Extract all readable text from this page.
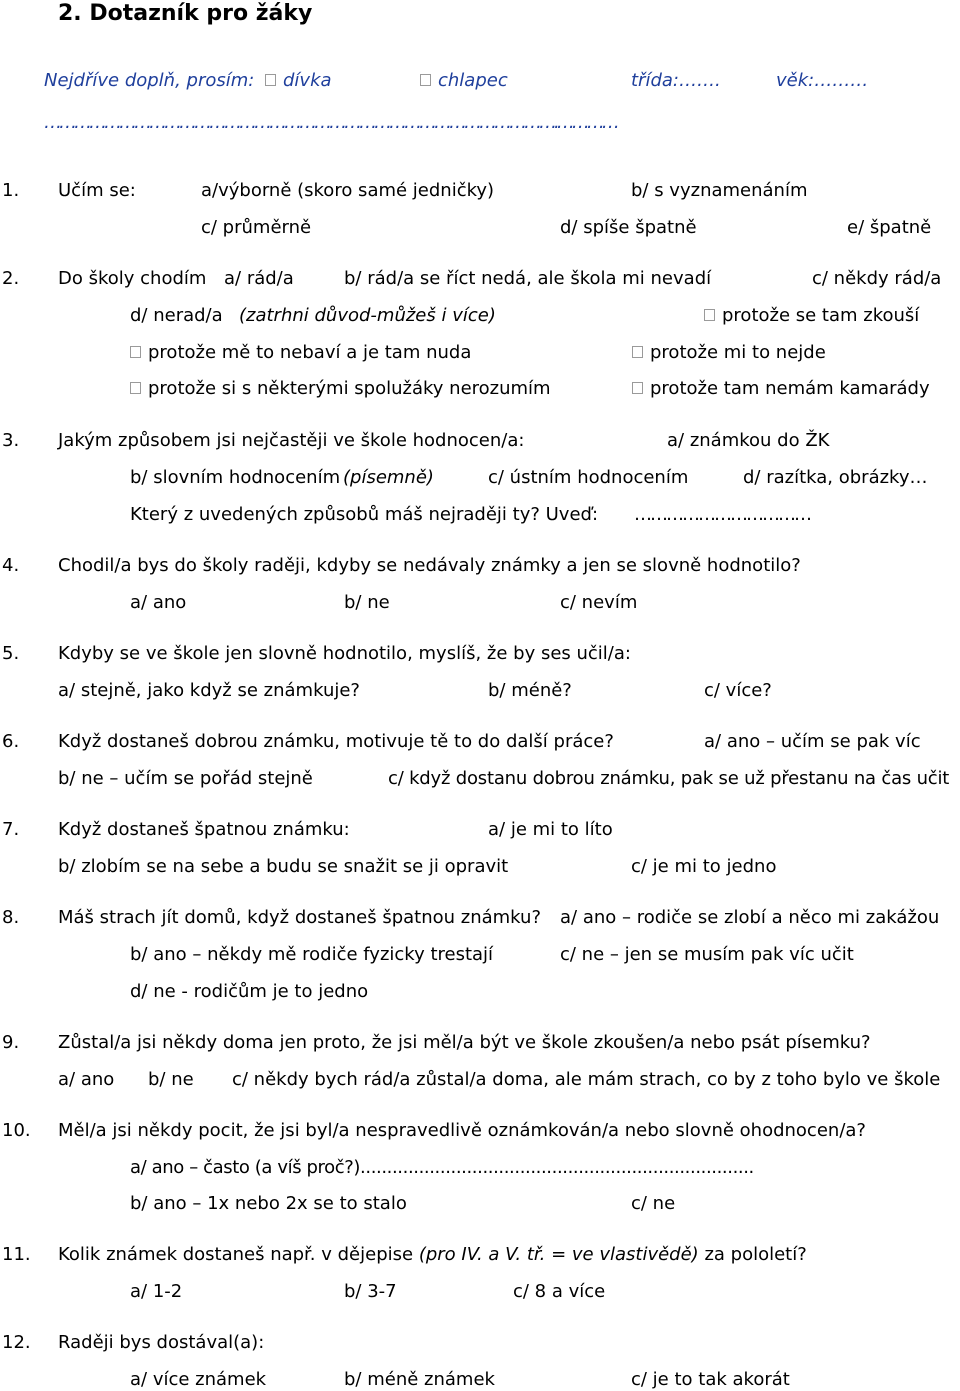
2. Dotazník pro žáky
Nejdříve doplň, prosím:	dívka	chlapec	třída:…….	věk:………
………………………………………………………………………………………….…………
1. Učím se:	a/výborně (skoro samé jedničky)	b/ s vyznamenáním
c/ průměrně	d/ spíše špatně	e/ špatně
2. Do školy chodím a/ rád/a	b/ rád/a se říct nedá, ale škola mi nevadí	c/ někdy rád/a
d/ nerad/a (zatrhni důvod-můžeš i více)	protože se tam zkouší
protože mě to nebaví a je tam nuda	protože mi to nejde
protože si s některými spolužáky nerozumím	protože tam nemám kamarády
3. Jakým způsobem jsi nejčastěji ve škole hodnocen/a:	a/ známkou do ŽK
b/ slovním hodnocením (písemně)	c/ ústním hodnocením	d/ razítka, obrázky…
Který z uvedených způsobů máš nejraději ty? Uveď: ……………………………
4. Chodil/a bys do školy raději, kdyby se nedávaly známky a jen se slovně hodnotilo?
a/ ano	b/ ne	c/ nevím
5. Kdyby se ve škole jen slovně hodnotilo, myslíš, že by ses učil/a:
a/ stejně, jako když se známkuje?	b/ méně?	c/ více?
6. Když dostaneš dobrou známku, motivuje tě to do další práce?	a/ ano – učím se pak víc
b/ ne – učím se pořád stejně	c/ když dostanu dobrou známku, pak se už přestanu na čas učit
7. Když dostaneš špatnou známku:	a/ je mi to líto
b/ zlobím se na sebe a budu se snažit se ji opravit	c/ je mi to jedno
8. Máš strach jít domů, když dostaneš špatnou známku? a/ ano – rodiče se zlobí a něco mi zakážou
b/ ano – někdy mě rodiče fyzicky trestají	c/ ne – jen se musím pak víc učit
d/ ne - rodičům je to jedno
9. Zůstal/a jsi někdy doma jen proto, že jsi měl/a být ve škole zkoušen/a nebo psát písemku?
a/ ano b/ ne c/ někdy bych rád/a zůstal/a doma, ale mám strach, co by z toho bylo ve škole
10. Měl/a jsi někdy pocit, že jsi byl/a nespravedlivě oznámkován/a nebo slovně ohodnocen/a?
a/ ano – často (a víš proč?)..........................................................................
b/ ano – 1x nebo 2x se to stalo	c/ ne
11. Kolik známek dostaneš např. v dějepise (pro IV. a V. tř. = ve vlastivědě) za pololetí?
a/ 1-2	b/ 3-7	c/ 8 a více
12. Raději bys dostával(a):
a/ více známek	b/ méně známek	c/ je to tak akorát
